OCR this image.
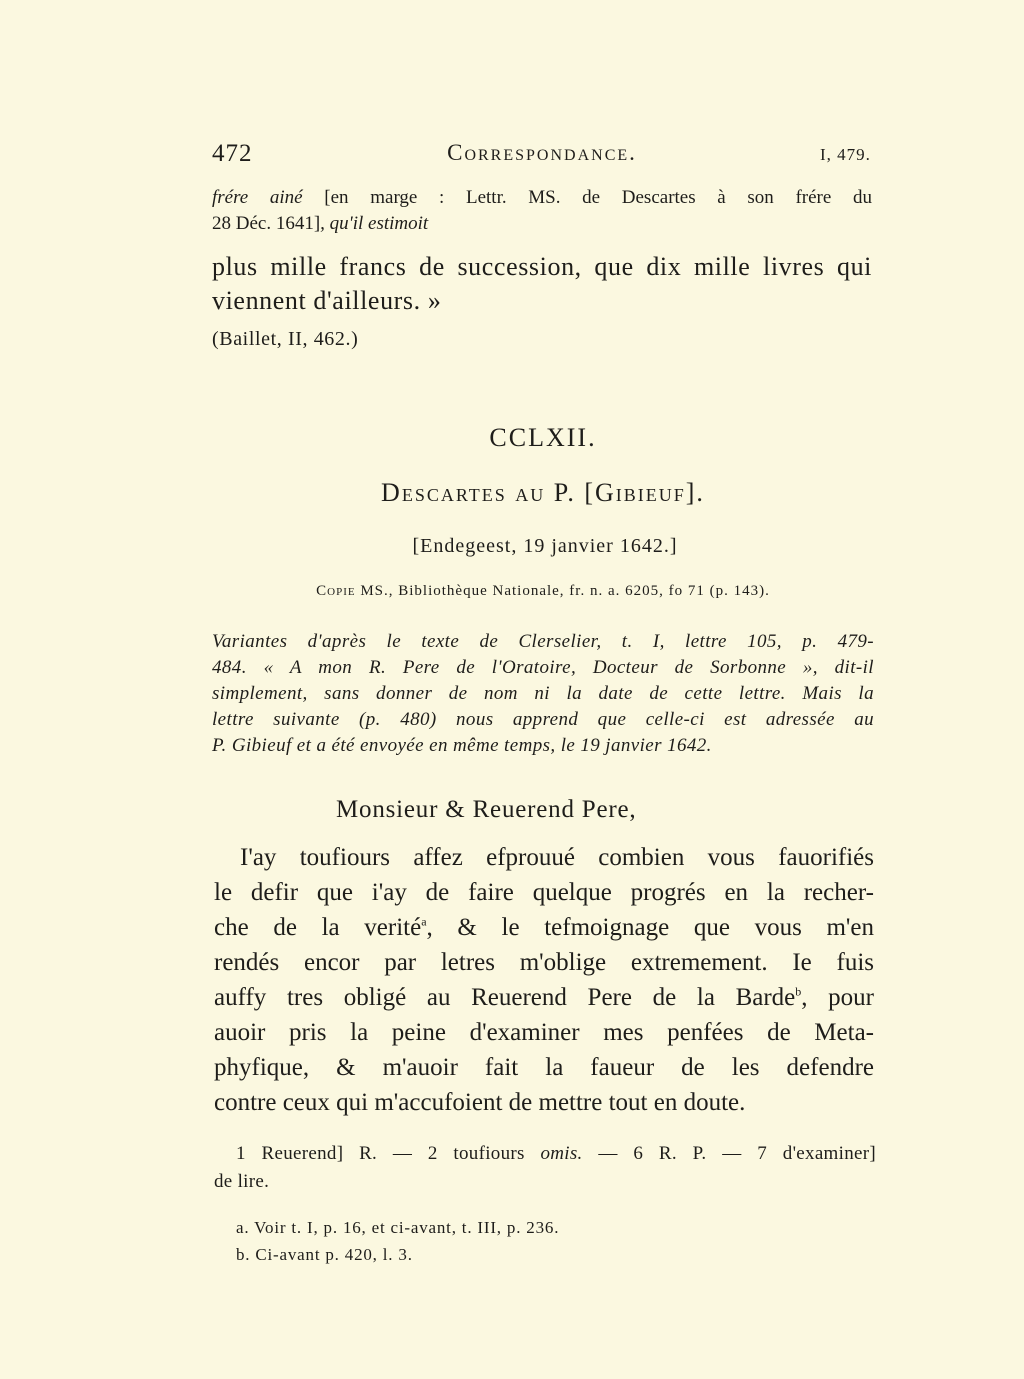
472	Correspondance.	I, 479.

frére ainé [en marge : Lettr. MS. de Descartes à son frére du

28 Déc. 1641], qu'il estimoit

plus mille francs de succession, que dix mille livres qui

viennent d'ailleurs. »

(Baillet, II, 462.)
CCLXII.
Descartes au P. [Gibieuf].
[Endegeest, 19 janvier 1642.]
Copie MS., Bibliothèque Nationale, fr. n. a. 6205, fo 71 (p. 143).

Variantes d'après le texte de Clerselier, t. I, lettre 105, p. 479-

484. « A mon R. Pere de l'Oratoire, Docteur de Sorbonne », dit-il

simplement, sans donner de nom ni la date de cette lettre. Mais la

lettre suivante (p. 480) nous apprend que celle-ci est adressée au

P. Gibieuf et a été envoyée en même temps, le 19 janvier 1642.

Monsieur & Reuerend Pere,

I'ay toufiours affez efprouué combien vous fauorifiés

le defir que i'ay de faire quelque progrés en la recher-

che de la verité$^a$, & le tefmoignage que vous m'en

rendés encor par letres m'oblige extremement. Ie fuis

auffy tres obligé au Reuerend Pere de la Barde$^b$, pour

auoir pris la peine d'examiner mes penfées de Meta-

phyfique, & m'auoir fait la faueur de les defendre

contre ceux qui m'accufoient de mettre tout en doute.

1 Reuerend] R. — 2 toufiours omis. — 6 R. P. — 7 d'examiner]

de lire.

a. Voir t. I, p. 16, et ci-avant, t. III, p. 236.
b. Ci-avant p. 420, l. 3.
